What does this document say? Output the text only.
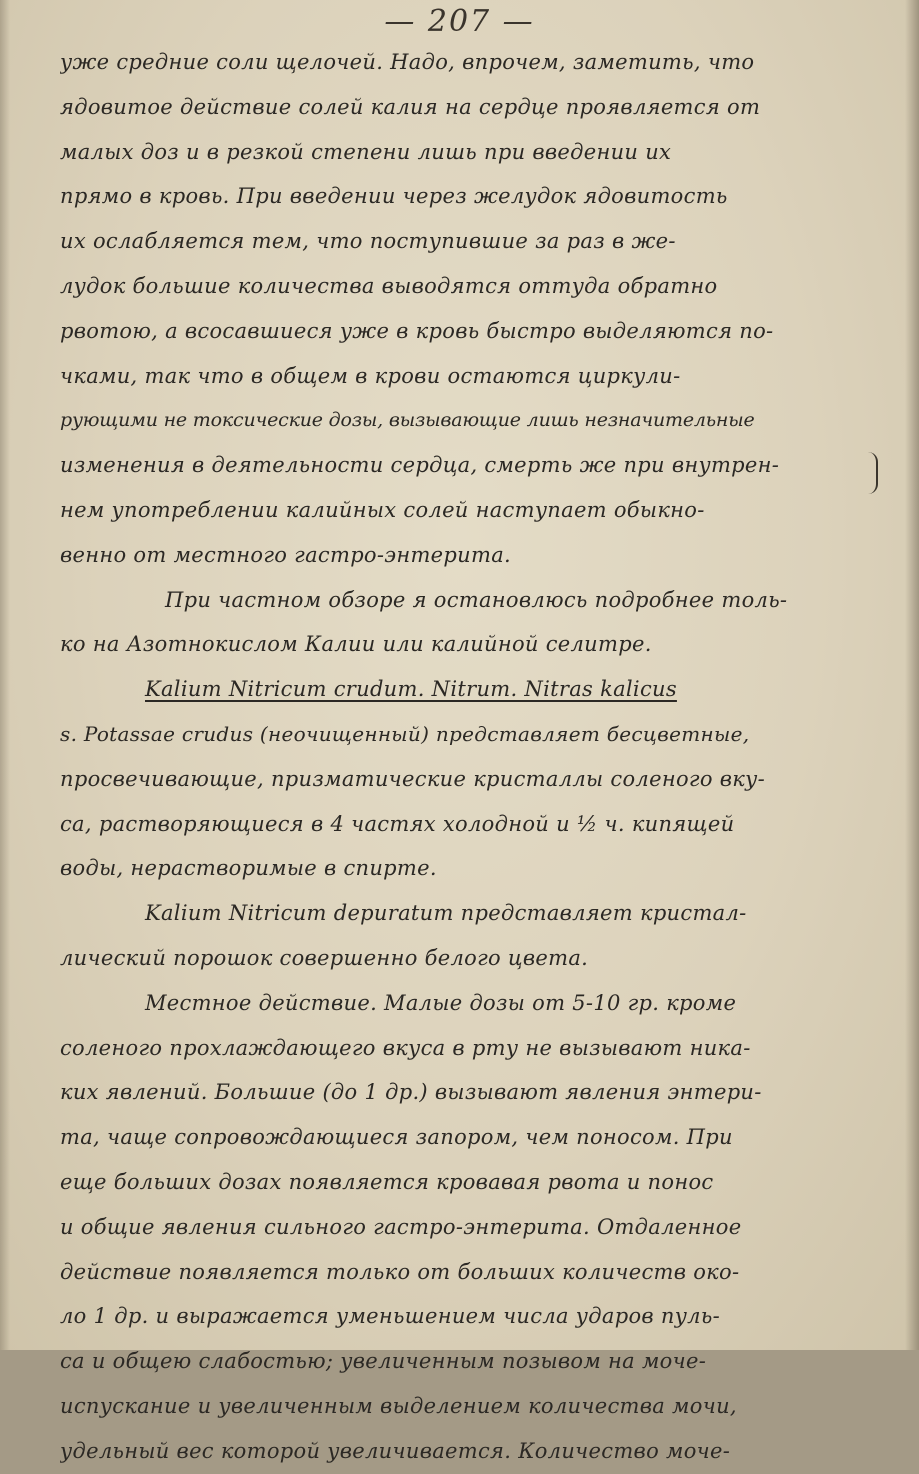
— 207 —
уже средние соли щелочей. Надо, впрочем, заметить, что
ядовитое действие солей калия на сердце проявляется от
малых доз и в резкой степени лишь при введении их
прямо в кровь. При введении через желудок ядовитость
их ослабляется тем, что поступившие за раз в же-
лудок большие количества выводятся оттуда обратно
рвотою, а всосавшиеся уже в кровь быстро выделяются по-
чками, так что в общем в крови остаются циркули-
рующими не токсические дозы, вызывающие лишь незначительные
изменения в деятельности сердца, смерть же при внутрен-
нем употреблении калийных солей наступает обыкно-
венно от местного гастро-энтерита.
При частном обзоре я остановлюсь подробнее толь-
ко на Азотнокислом Калии или калийной селитре.
Kalium Nitricum crudum. Nitrum. Nitras kalicus
s. Potassae crudus (неочищенный) представляет бесцветные,
просвечивающие, призматические кристаллы соленого вку-
са, растворяющиеся в 4 частях холодной и ½ ч. кипящей
воды, нерастворимые в спирте.
Kalium Nitricum depuratum представляет кристал-
лический порошок совершенно белого цвета.
Местное действие. Малые дозы от 5-10 гр. кроме
соленого прохлаждающего вкуса в рту не вызывают ника-
ких явлений. Большие (до 1 др.) вызывают явления энтери-
та, чаще сопровождающиеся запором, чем поносом. При
еще больших дозах появляется кровавая рвота и понос
и общие явления сильного гастро-энтерита. Отдаленное
действие появляется только от больших количеств око-
ло 1 др. и выражается уменьшением числа ударов пуль-
са и общею слабостью; увеличенным позывом на моче-
испускание и увеличенным выделением количества мочи,
удельный вес которой увеличивается. Количество моче-
